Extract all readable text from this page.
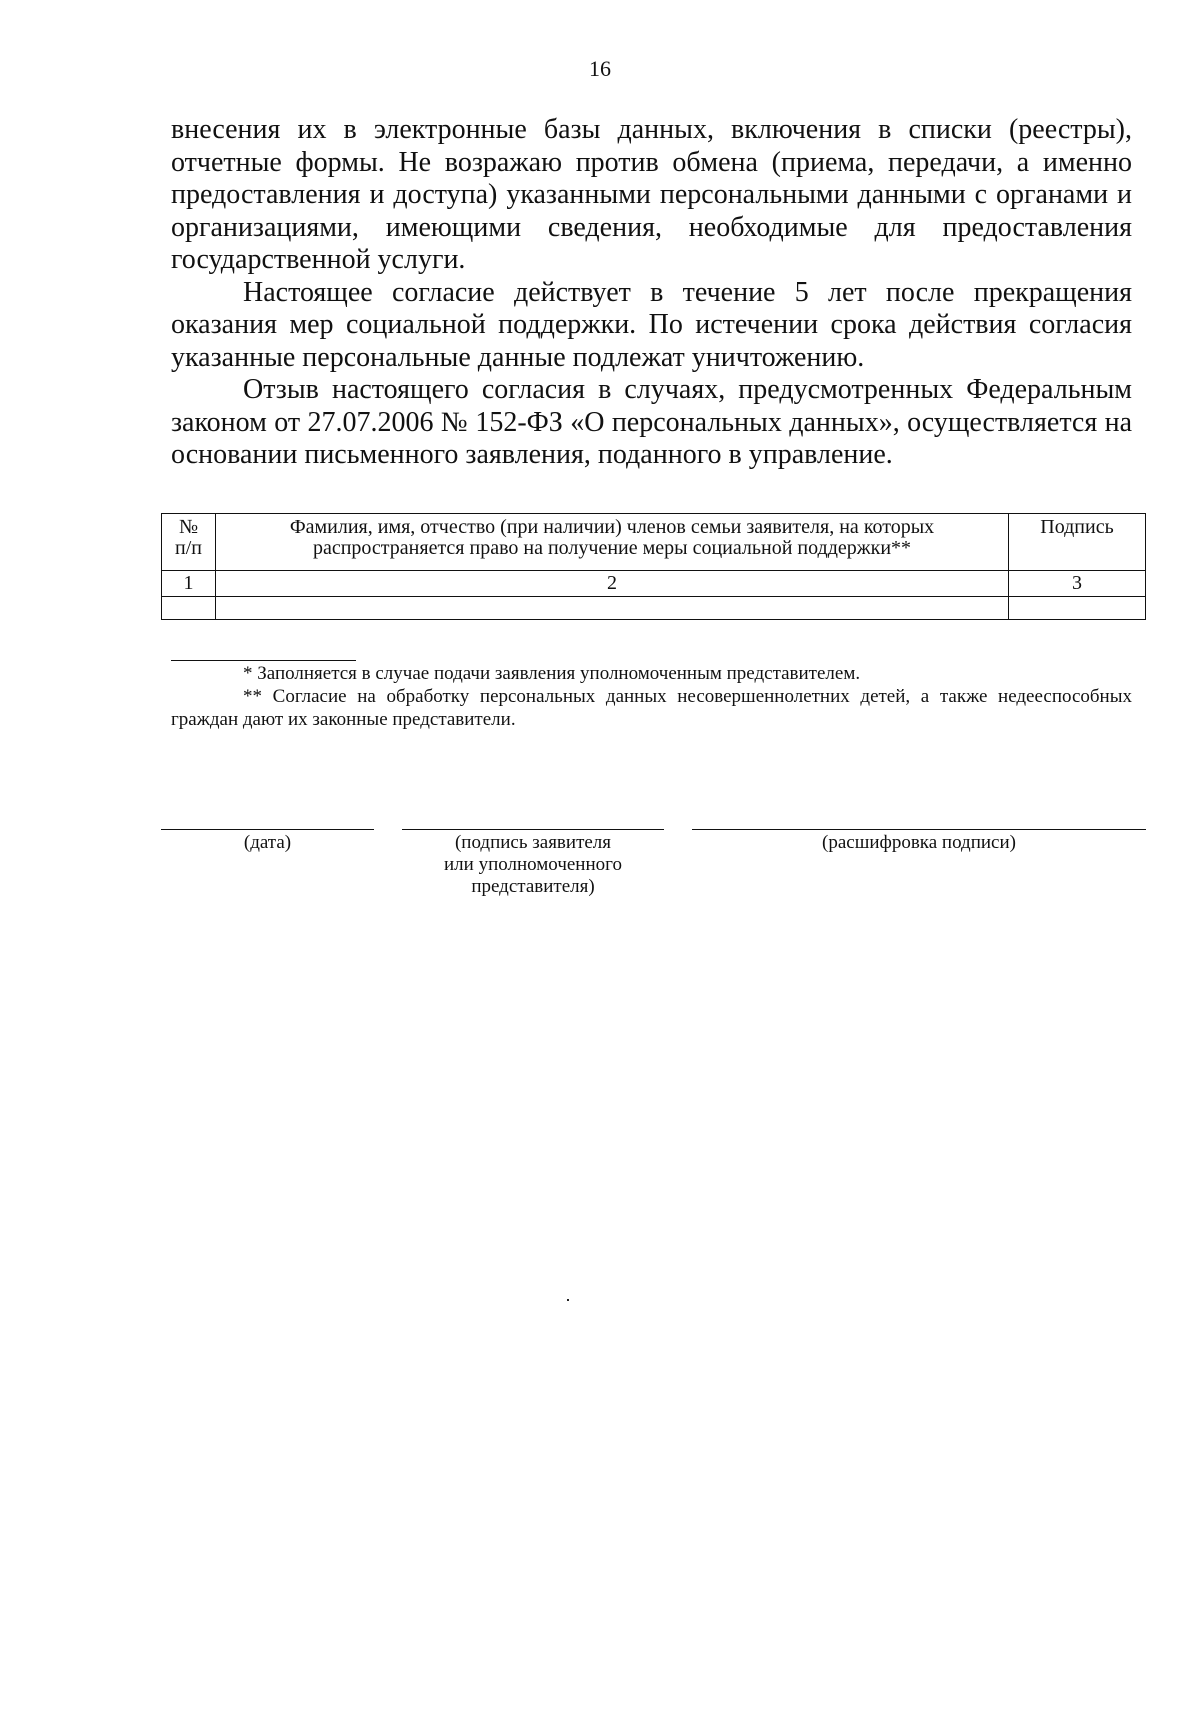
16

внесения их в электронные базы данных, включения в списки (реестры), отчетные формы. Не возражаю против обмена (приема, передачи, а именно предоставления и доступа) указанными персональными данными с органами и организациями, имеющими сведения, необходимые для предоставления государственной услуги.

Настоящее согласие действует в течение 5 лет после прекращения оказания мер социальной поддержки. По истечении срока действия согласия указанные персональные данные подлежат уничтожению.

Отзыв настоящего согласия в случаях, предусмотренных Федеральным законом от 27.07.2006 № 152-ФЗ «О персональных данных», осуществляется на основании письменного заявления, поданного в управление.

№
п/п	Фамилия, имя, отчество (при наличии) членов семьи заявителя, на которых распространяется право на получение меры социальной поддержки**	Подпись
1	2	3

* Заполняется в случае подачи заявления уполномоченным представителем.

** Согласие на обработку персональных данных несовершеннолетних детей, а также недееспособных граждан дают их законные представители.

(дата)	(подпись заявителя
или уполномоченного
представителя)
(расшифровка подписи)
